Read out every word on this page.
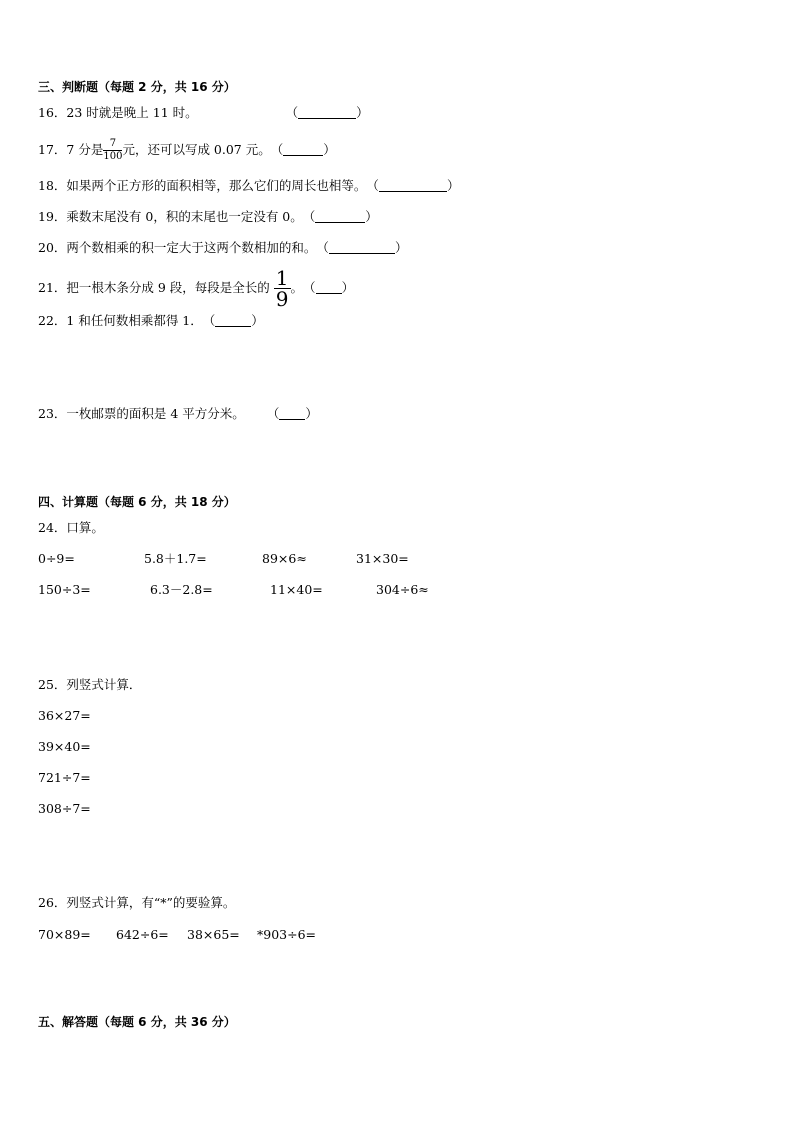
三、判断题（每题 2 分，共 16 分）
16．23 时就是晚上 11 时。	（	）
17．7 分是 $\frac{7}{100}$ 元，还可以写成 0.07 元。（	）
18．如果两个正方形的面积相等，那么它们的周长也相等。（	）
19．乘数末尾没有 0，积的末尾也一定没有 0。（	）
20．两个数相乘的积一定大于这两个数相加的和。（	）
21．把一根木条分成 9 段，每段是全长的 $\frac{1}{9}$ 。（ ）
22．1 和任何数相乘都得 1．（	）
23．一枚邮票的面积是 4 平方分米。 （ ）
四、计算题（每题 6 分，共 18 分）
24．口算。
0÷9=	5.8＋1.7=	89×6≈	31×30=
150÷3=	6.3－2.8=	11×40=	304÷6≈
25．列竖式计算．
36×27=
39×40=
721÷7=
308÷7=
26．列竖式计算，有“*”的要验算。
70×89= 642÷6= 38×65= *903÷6=
五、解答题（每题 6 分，共 36 分）
